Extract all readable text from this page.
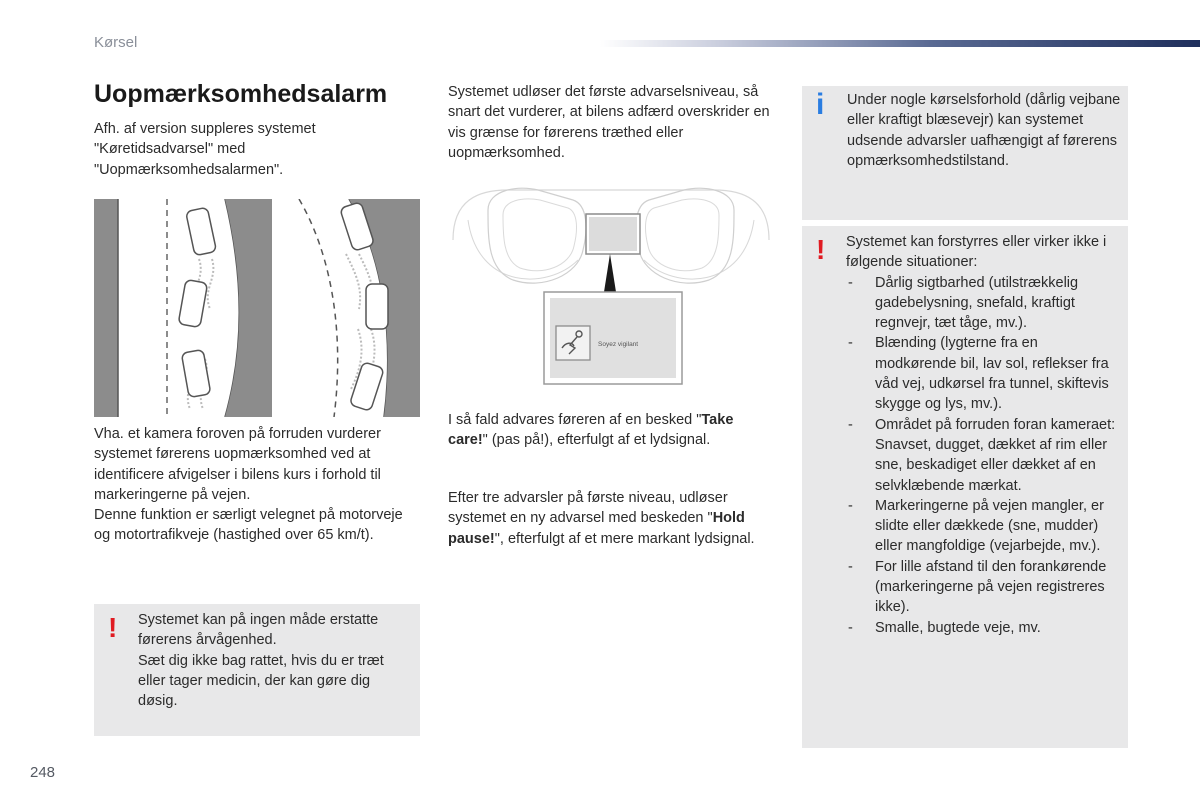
Kørsel
Uopmærksomhedsalarm
Afh. af version suppleres systemet "Køretidsadvarsel" med "Uopmærksomhedsalarmen".

Vha. et kamera foroven på forruden vurderer systemet førerens uopmærksomhed ved at identificere afvigelser i bilens kurs i forhold til markeringerne på vejen.

Denne funktion er særligt velegnet på motorveje og motortrafikveje (hastighed over 65 km/t).

! Systemet kan på ingen måde erstatte førerens årvågenhed.

Sæt dig ikke bag rattet, hvis du er træt eller tager medicin, der kan gøre dig døsig.

Systemet udløser det første advarselsniveau, så snart det vurderer, at bilens adfærd overskrider en vis grænse for førerens træthed eller uopmærksomhed.
Soyez vigilant
I så fald advares føreren af en besked "Take care!" (pas på!), efterfulgt af et lydsignal.
Efter tre advarsler på første niveau, udløser systemet en ny advarsel med beskeden "Hold pause!", efterfulgt af et mere markant lydsignal.
i Under nogle kørselsforhold (dårlig vejbane eller kraftigt blæsevejr) kan systemet udsende advarsler uafhængigt af førerens opmærksomhedstilstand.
! Systemet kan forstyrres eller virker ikke i følgende situationer:

- Dårlig sigtbarhed (utilstrækkelig gadebelysning, snefald, kraftigt regnvejr, tæt tåge, mv.).
- Blænding (lygterne fra en modkørende bil, lav sol, reflekser fra våd vej, udkørsel fra tunnel, skiftevis skygge og lys, mv.).
- Området på forruden foran kameraet: Snavset, dugget, dækket af rim eller sne, beskadiget eller dækket af en selvklæbende mærkat.
- Markeringerne på vejen mangler, er slidte eller dækkede (sne, mudder) eller mangfoldige (vejarbejde, mv.).
- For lille afstand til den forankørende (markeringerne på vejen registreres ikke).
- Smalle, bugtede veje, mv.
248
